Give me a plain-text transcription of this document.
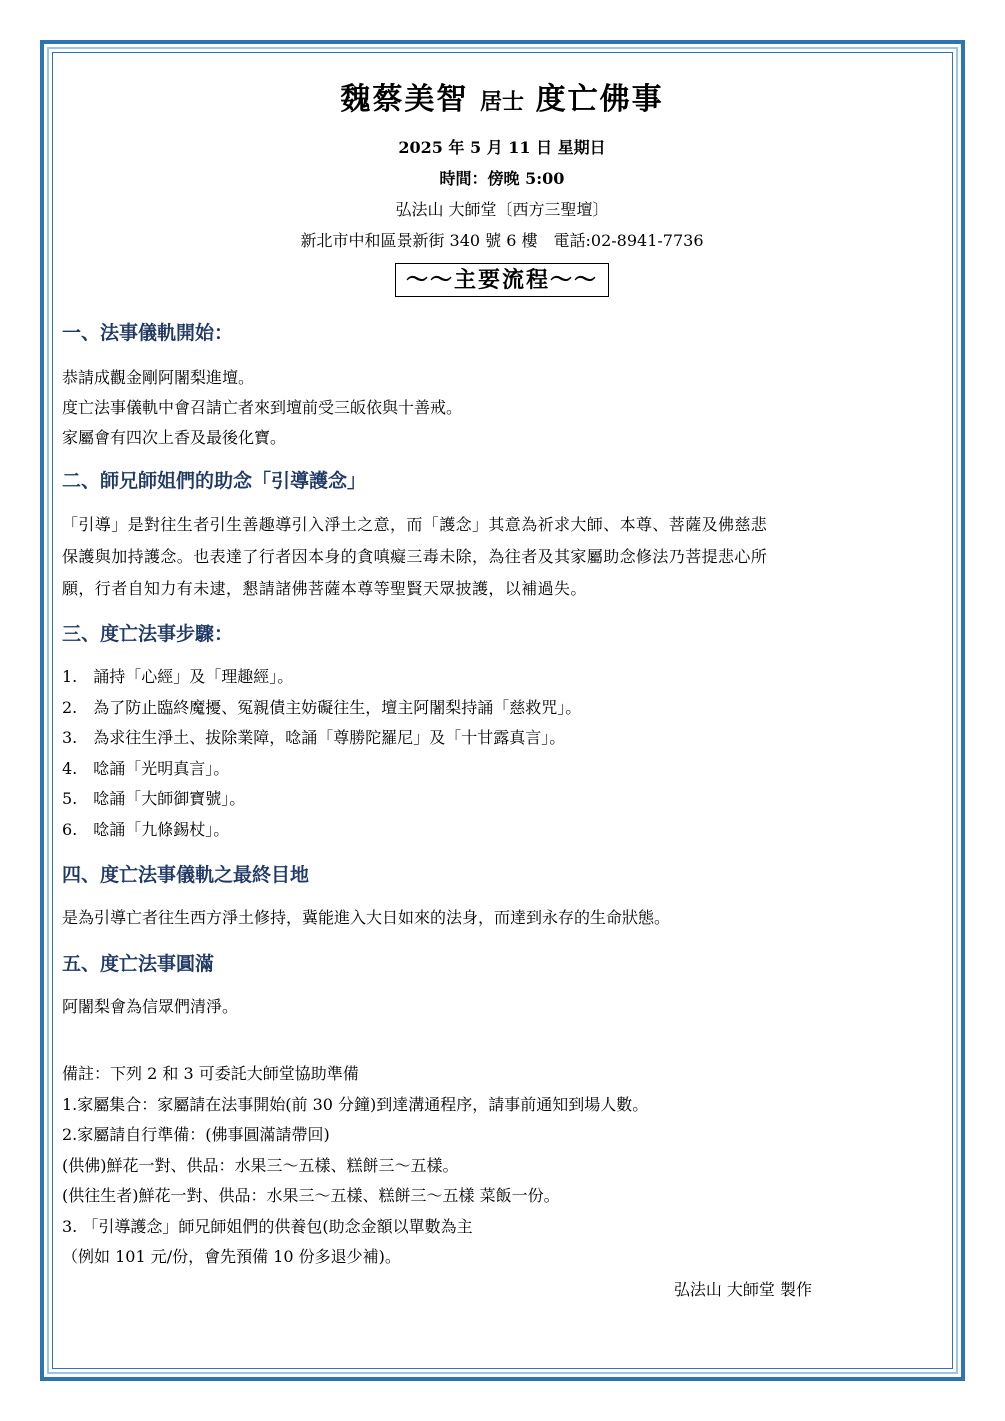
魏蔡美智 居士 度亡佛事
2025 年 5 月 11 日 星期日
時間：傍晚 5:00
弘法山 大師堂〔西方三聖壇〕
新北市中和區景新街 340 號 6 樓　電話:02-8941-7736
〜〜主要流程〜〜
一、法事儀軌開始：
恭請成觀金剛阿闍梨進壇。
度亡法事儀軌中會召請亡者來到壇前受三皈依與十善戒。
家屬會有四次上香及最後化寶。
二、師兄師姐們的助念「引導護念」
「引導」是對往生者引生善趣導引入淨土之意，而「護念」其意為祈求大師、本尊、菩薩及佛慈悲
保護與加持護念。也表達了行者因本身的貪嗔癡三毒未除，為往者及其家屬助念修法乃菩提悲心所
願，行者自知力有未逮，懇請諸佛菩薩本尊等聖賢天眾披護，以補過失。
三、度亡法事步驟：
1.　誦持「心經」及「理趣經」。
2.　為了防止臨終魔擾、冤親債主妨礙往生，壇主阿闍梨持誦「慈救咒」。
3.　為求往生淨土、拔除業障，唸誦「尊勝陀羅尼」及「十甘露真言」。
4.　唸誦「光明真言」。
5.　唸誦「大師御寶號」。
6.　唸誦「九條錫杖」。
四、度亡法事儀軌之最終目地
是為引導亡者往生西方淨土修持，冀能進入大日如來的法身，而達到永存的生命狀態。
五、度亡法事圓滿
阿闍梨會為信眾們清淨。
備註：下列 2 和 3 可委託大師堂協助準備
1.家屬集合：家屬請在法事開始(前 30 分鐘)到達溝通程序，請事前通知到場人數。
2.家屬請自行準備：(佛事圓滿請帶回)
(供佛)鮮花一對、供品：水果三～五樣、糕餅三～五樣。
(供往生者)鮮花一對、供品：水果三～五樣、糕餅三～五樣 菜飯一份。
3. 「引導護念」師兄師姐們的供養包(助念金額以單數為主
（例如 101 元/份，會先預備 10 份多退少補)。
弘法山 大師堂 製作
